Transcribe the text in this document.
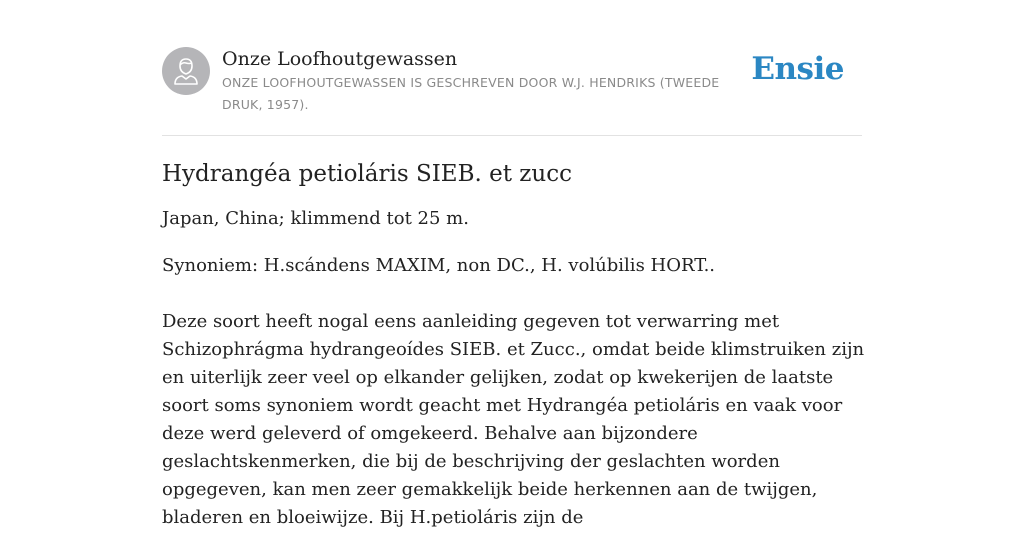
Onze Loofhoutgewassen
ONZE LOOFHOUTGEWASSEN IS GESCHREVEN DOOR W.J. HENDRIKS (TWEEDE DRUK, 1957).
Ensie
Hydrangéa petioláris SIEB. et zucc

Japan, China; klimmend tot 25 m.

Synoniem: H.scándens MAXIM, non DC., H. volúbilis HORT..

Deze soort heeft nogal eens aanleiding gegeven tot verwarring met Schizophrágma hydrangeoídes SIEB. et Zucc., omdat beide klimstruiken zijn en uiterlijk zeer veel op elkander gelijken, zodat op kwekerijen de laatste soort soms synoniem wordt geacht met Hydrangéa petioláris en vaak voor deze werd geleverd of omgekeerd. Behalve aan bijzondere geslachtskenmerken, die bij de beschrijving der geslachten worden opgegeven, kan men zeer gemakkelijk beide herkennen aan de twijgen, bladeren en bloeiwijze. Bij H.petioláris zijn de
